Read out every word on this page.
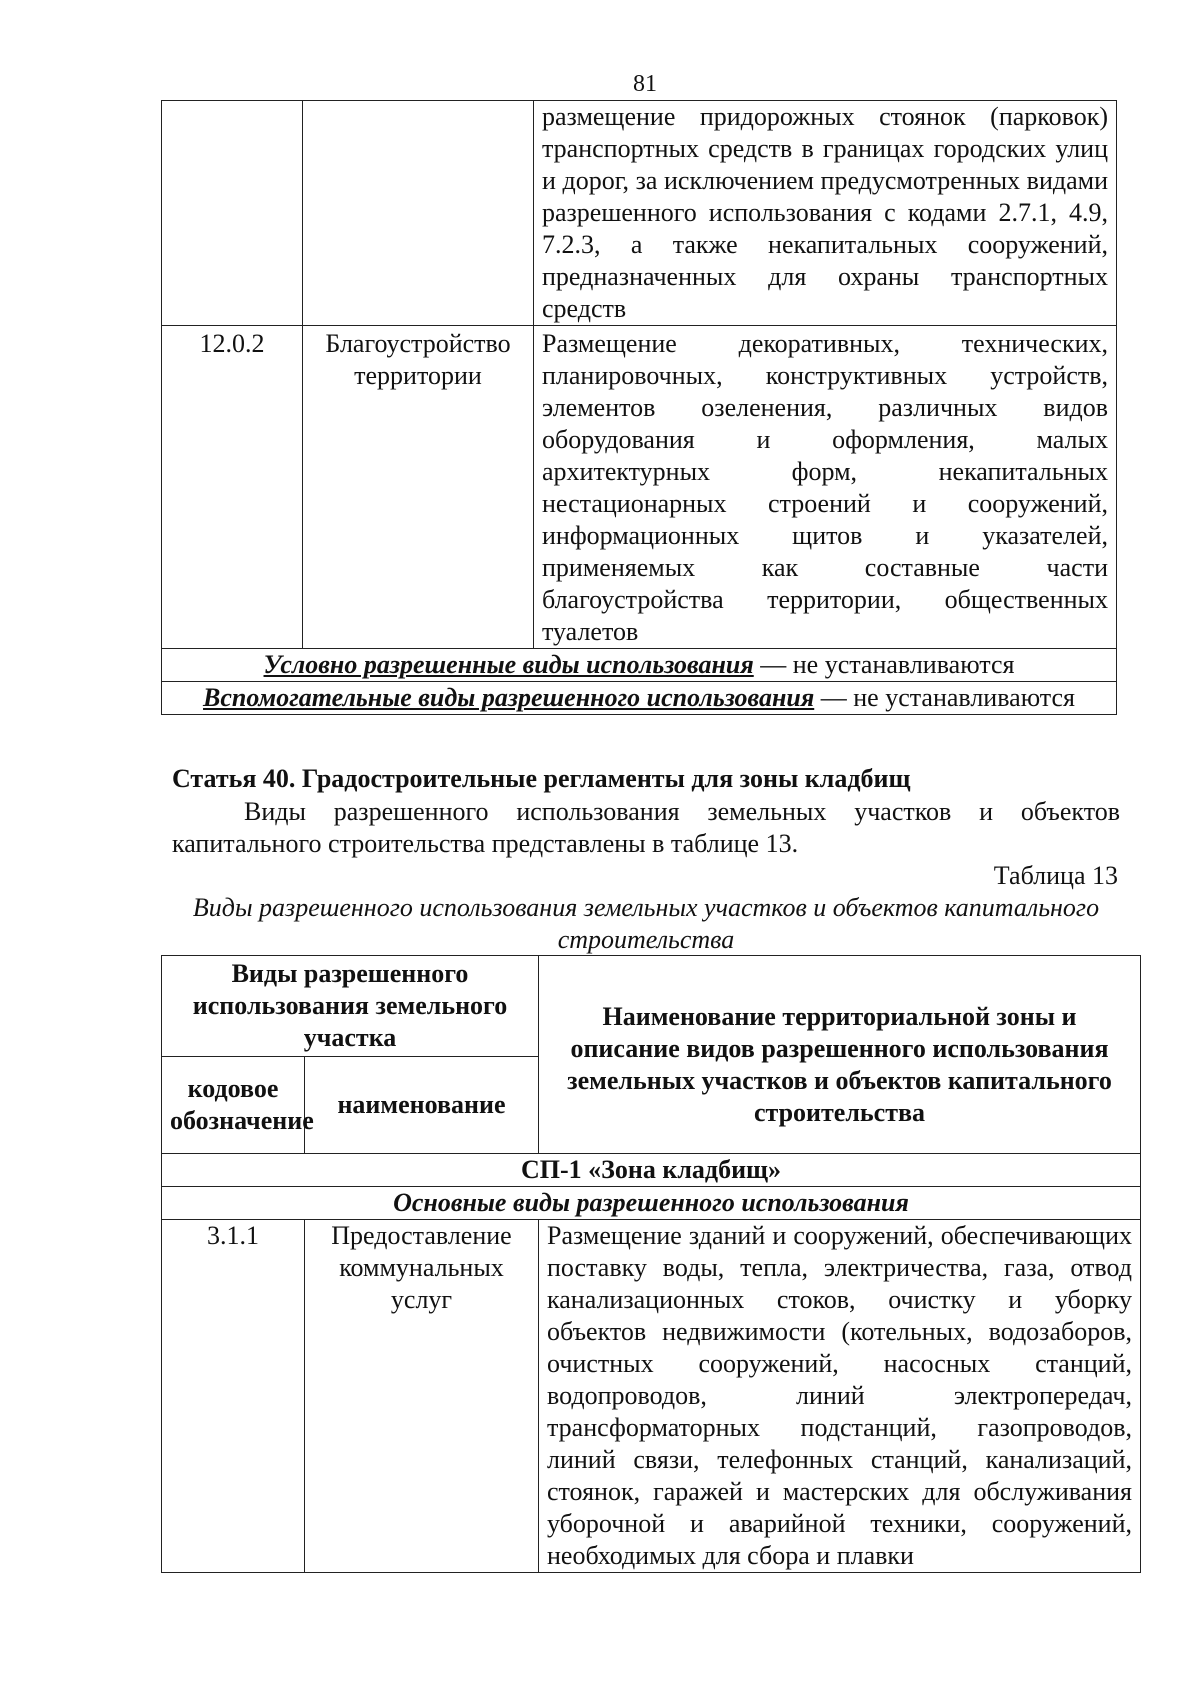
81
		размещение придорожных стоянок (парковок) транспортных средств в границах городских улиц и дорог, за исключением предусмотренных видами разрешенного использования с кодами 2.7.1, 4.9, 7.2.3, а также некапитальных сооружений, предназначенных для охраны транспортных средств
12.0.2	Благоустройство территории	Размещение декоративных, технических, планировочных, конструктивных устройств, элементов озеленения, различных видов оборудования и оформления, малых архитектурных форм, некапитальных нестационарных строений и сооружений, информационных щитов и указателей, применяемых как составные части благоустройства территории, общественных туалетов
Условно разрешенные виды использования — не устанавливаются		
Вспомогательные виды разрешенного использования — не устанавливаются		
Статья 40. Градостроительные регламенты для зоны кладбищ
Виды разрешенного использования земельных участков и объектов капитального строительства представлены в таблице 13.
Таблица 13
Виды разрешенного использования земельных участков и объектов капитального строительства
Виды разрешенного использования земельного участка		Наименование территориальной зоны и описание видов разрешенного использования земельных участков и объектов капитального строительства
кодовое обозначение	наименование	
СП-1 «Зона кладбищ»		
Основные виды разрешенного использования		
3.1.1	Предоставление коммунальных услуг	Размещение зданий и сооружений, обеспечивающих поставку воды, тепла, электричества, газа, отвод канализационных стоков, очистку и уборку объектов недвижимости (котельных, водозаборов, очистных сооружений, насосных станций, водопроводов, линий электропередач, трансформаторных подстанций, газопроводов, линий связи, телефонных станций, канализаций, стоянок, гаражей и мастерских для обслуживания уборочной и аварийной техники, сооружений, необходимых для сбора и плавки
